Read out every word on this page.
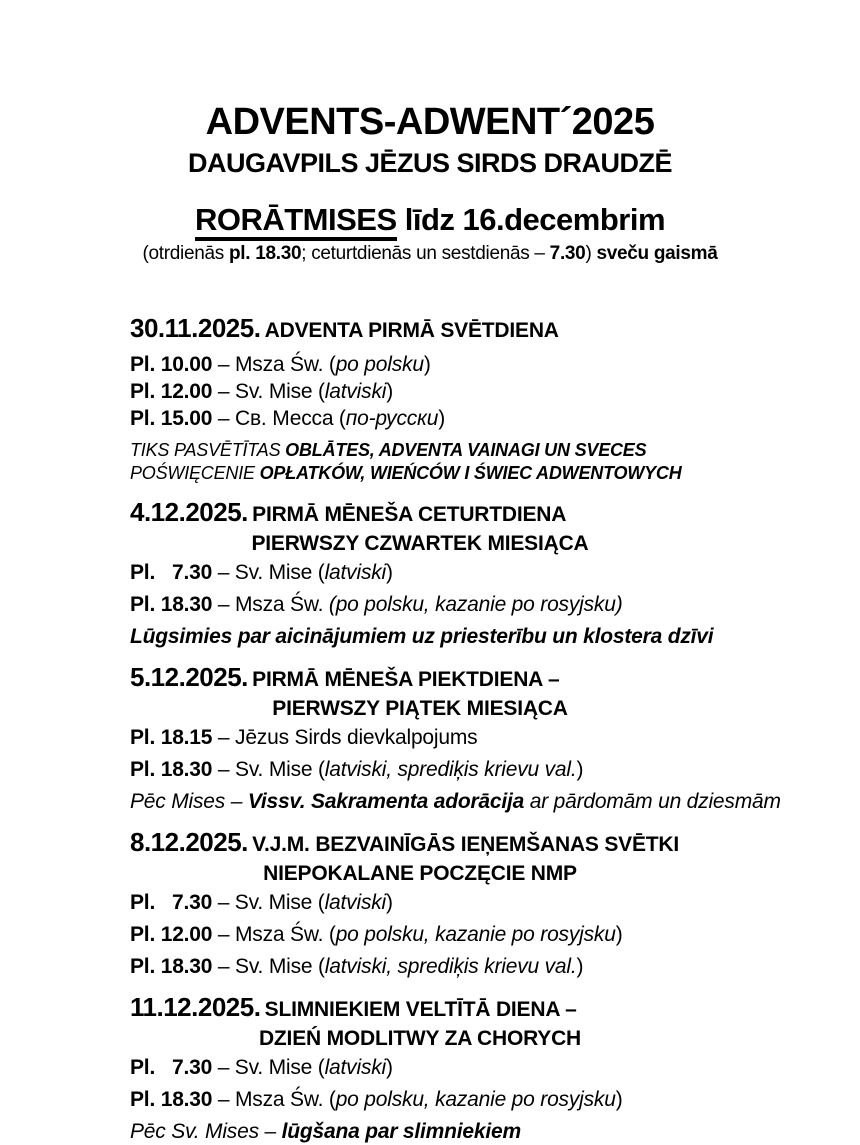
ADVENTS-ADWENT´2025
DAUGAVPILS JĒZUS SIRDS DRAUDZĒ
RORĀTMISES līdz 16.decembrim
(otrdienās pl. 18.30; ceturtdienās un sestdienās – 7.30) sveču gaismā
30.11.2025. ADVENTA PIRMĀ SVĒTDIENA
Pl. 10.00 – Msza Św. (po polsku)
Pl. 12.00 – Sv. Mise (latviski)
Pl. 15.00 – Св. Месса (по-русски)
TIKS PASVĒTĪTAS OBLĀTES, ADVENTA VAINAGI UN SVECES
POŚWIĘCENIE OPŁATKÓW, WIEŃCÓW I ŚWIEC ADWENTOWYCH
4.12.2025. PIRMĀ MĒNEŠA CETURTDIENA
PIERWSZY CZWARTEK MIESIĄCA
Pl.   7.30 – Sv. Mise (latviski)
Pl. 18.30 – Msza Św. (po polsku, kazanie po rosyjsku)
Lūgsimies par aicinājumiem uz priesterību un klostera dzīvi
5.12.2025. PIRMĀ MĒNEŠA PIEKTDIENA –
PIERWSZY PIĄTEK MIESIĄCA
Pl. 18.15 – Jēzus Sirds dievkalpojums
Pl. 18.30 – Sv. Mise (latviski, sprediķis krievu val.)
Pēc Mises – Vissv. Sakramenta adorācija ar pārdomām un dziesmām
8.12.2025. V.J.M. BEZVAINĪGĀS IEŅEMŠANAS SVĒTKI
NIEPOKALANE POCZĘCIE NMP
Pl.   7.30 – Sv. Mise (latviski)
Pl. 12.00 – Msza Św. (po polsku, kazanie po rosyjsku)
Pl. 18.30 – Sv. Mise (latviski, sprediķis krievu val.)
11.12.2025. SLIMNIEKIEM VELTĪTĀ DIENA –
DZIEŃ MODLITWY ZA CHORYCH
Pl.   7.30 – Sv. Mise (latviski)
Pl. 18.30 – Msza Św. (po polsku, kazanie po rosyjsku)
Pēc Sv. Mises – lūgšana par slimniekiem
